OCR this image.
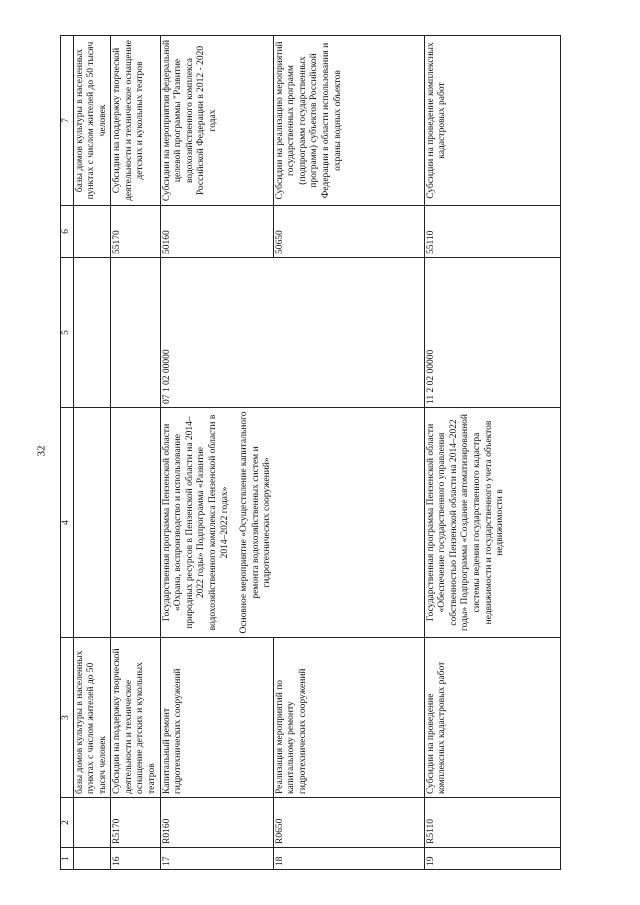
32
1	2	3	4	5	6	7
		базы домов культуры в населенных пунктах с числом жителей до 50 тысяч человек				базы домов культуры в населенных пунктах с числом жителей до 50 тысяч человек
16	R5170	Субсидии на поддержку творческой деятельности и техническое оснащение детских и кукольных театров			55170	Субсидии на поддержку творческой деятельности и техническое оснащение детских и кукольных театров
17	R0160	Капитальный ремонт гидротехнических сооружений	Государственная программа Пензенской области «Охрана, воспроизводство и использование природных ресурсов в Пензенской области на 2014–2022 годы» Подпрограмма «Развитие водохозяйственного комплекса Пензенской области в 2014–2022 годах» Основное мероприятие «Осуществление капитального ремонта водохозяйственных систем и гидротехнических сооружений»	07 1 02 00000	50160	Субсидии на мероприятия федеральной целевой программы "Развитие водохозяйственного комплекса Российской Федерации в 2012 - 2020 годах
18	R0650	Реализация мероприятий по капитальному ремонту гидротехнических сооружений			50650	Субсидии на реализацию мероприятий государственных программ (подпрограмм государственных программ) субъектов Российской Федерации в области использования и охраны водных объектов
19	R5110	Субсидии на проведение комплексных кадастровых работ	Государственная программа Пензенской области «Обеспечение государственного управления собственностью Пензенской области на 2014–2022 годы» Подпрограмма «Создание автоматизированной системы ведения государственного кадастра недвижимости и государственного учета объектов недвижимости в	11 2 02 00000	55110	Субсидии на проведение комплексных кадастровых работ
